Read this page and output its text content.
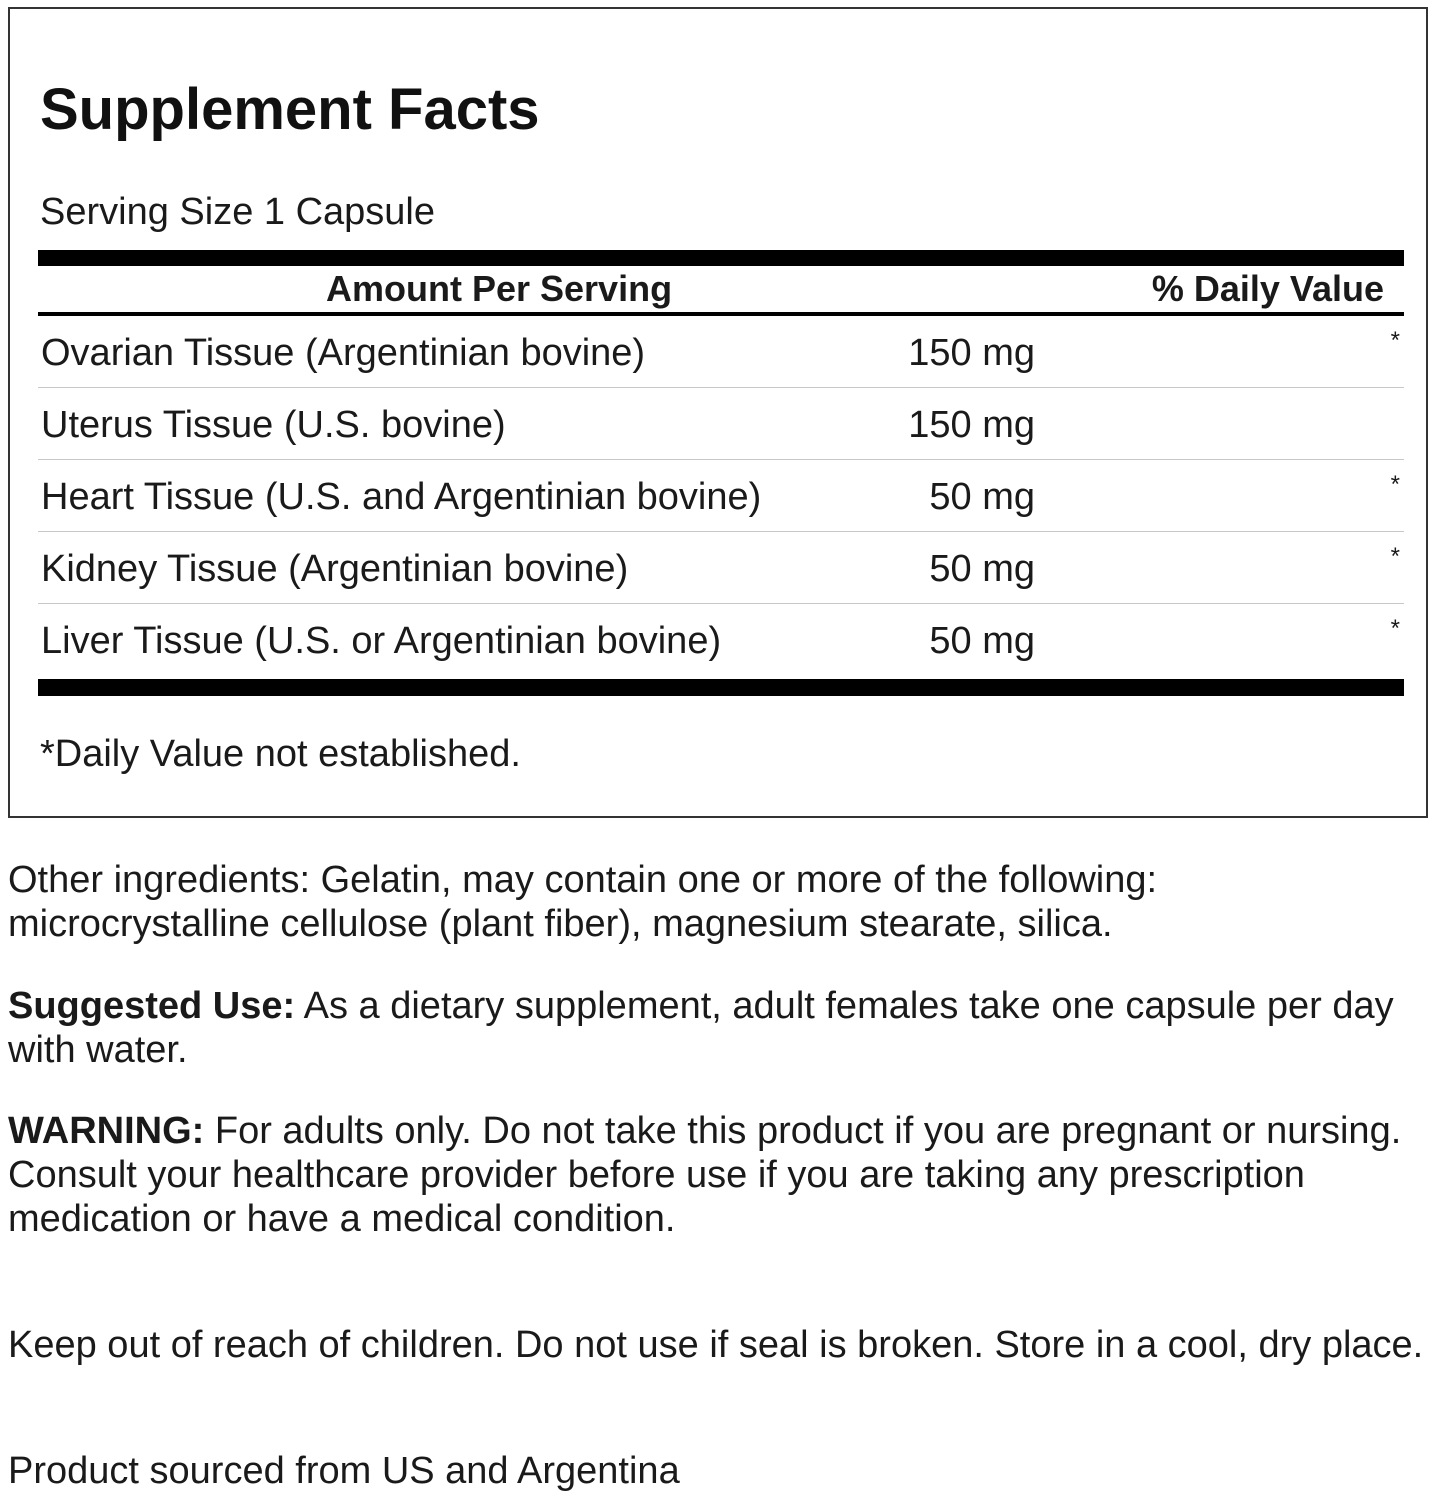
Supplement Facts
Serving Size 1 Capsule
Amount Per Serving	% Daily Value
Ovarian Tissue (Argentinian bovine)	150 mg	*
Uterus Tissue (U.S. bovine)	150 mg
Heart Tissue (U.S. and Argentinian bovine)	50 mg	*
Kidney Tissue (Argentinian bovine)	50 mg	*
Liver Tissue (U.S. or Argentinian bovine)	50 mg	*
*Daily Value not established.

Other ingredients: Gelatin, may contain one or more of the following: microcrystalline cellulose (plant fiber), magnesium stearate, silica.

Suggested Use: As a dietary supplement, adult females take one capsule per day with water.

WARNING: For adults only. Do not take this product if you are pregnant or nursing. Consult your healthcare provider before use if you are taking any prescription medication or have a medical condition.

Keep out of reach of children. Do not use if seal is broken. Store in a cool, dry place.

Product sourced from US and Argentina
